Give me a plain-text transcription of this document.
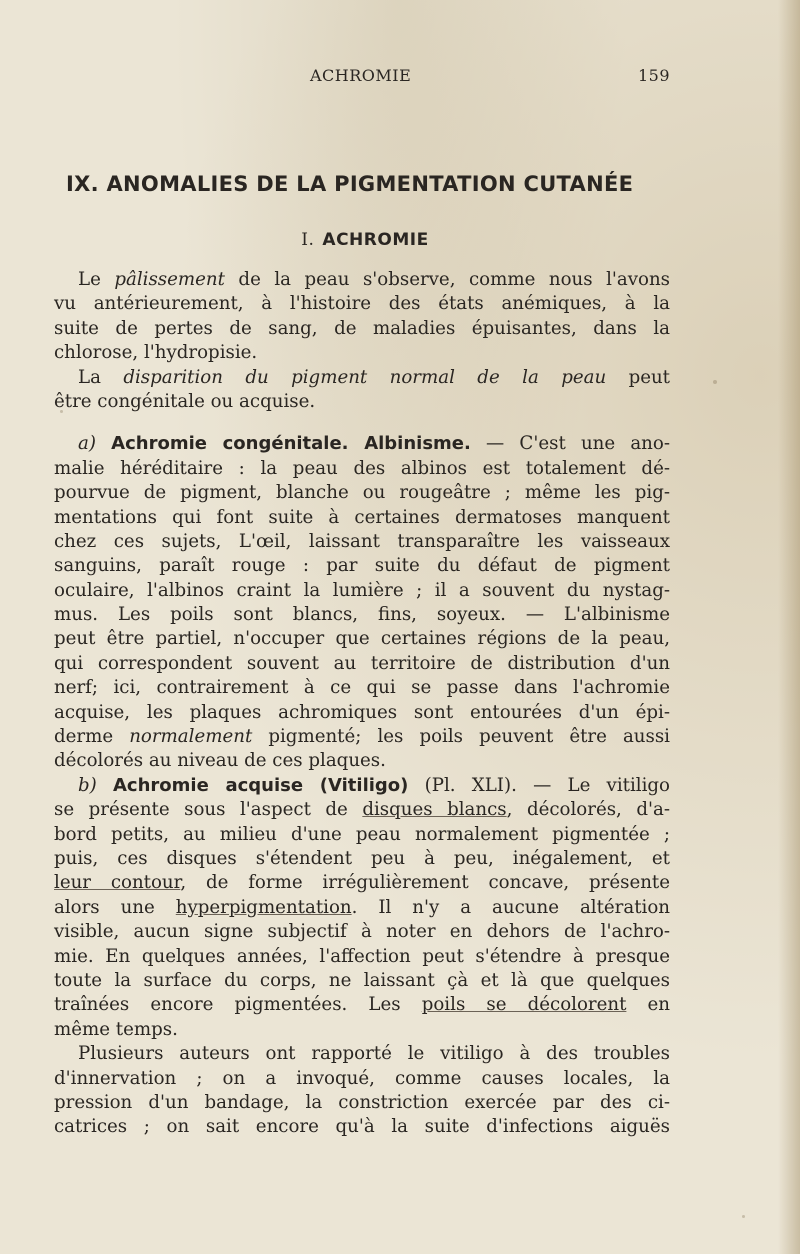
ACHROMIE	159
IX. ANOMALIES DE LA PIGMENTATION CUTANÉE
I. ACHROMIE
Le pâlissement de la peau s'observe, comme nous l'avons
vu antérieurement, à l'histoire des états anémiques, à la
suite de pertes de sang, de maladies épuisantes, dans la
chlorose, l'hydropisie.
La disparition du pigment normal de la peau peut
être congénitale ou acquise.
a) Achromie congénitale. Albinisme. — C'est une ano-
malie héréditaire : la peau des albinos est totalement dé-
pourvue de pigment, blanche ou rougeâtre ; même les pig-
mentations qui font suite à certaines dermatoses manquent
chez ces sujets, L'œil, laissant transparaître les vaisseaux
sanguins, paraît rouge : par suite du défaut de pigment
oculaire, l'albinos craint la lumière ; il a souvent du nystag-
mus. Les poils sont blancs, fins, soyeux. — L'albinisme
peut être partiel, n'occuper que certaines régions de la peau,
qui correspondent souvent au territoire de distribution d'un
nerf; ici, contrairement à ce qui se passe dans l'achromie
acquise, les plaques achromiques sont entourées d'un épi-
derme normalement pigmenté; les poils peuvent être aussi
décolorés au niveau de ces plaques.
b) Achromie acquise (Vitiligo) (Pl. XLI). — Le vitiligo
se présente sous l'aspect de disques blancs, décolorés, d'a-
bord petits, au milieu d'une peau normalement pigmentée ;
puis, ces disques s'étendent peu à peu, inégalement, et
leur contour, de forme irrégulièrement concave, présente
alors une hyperpigmentation. Il n'y a aucune altération
visible, aucun signe subjectif à noter en dehors de l'achro-
mie. En quelques années, l'affection peut s'étendre à presque
toute la surface du corps, ne laissant çà et là que quelques
traînées encore pigmentées. Les poils se décolorent en
même temps.
Plusieurs auteurs ont rapporté le vitiligo à des troubles
d'innervation ; on a invoqué, comme causes locales, la
pression d'un bandage, la constriction exercée par des ci-
catrices ; on sait encore qu'à la suite d'infections aiguës
